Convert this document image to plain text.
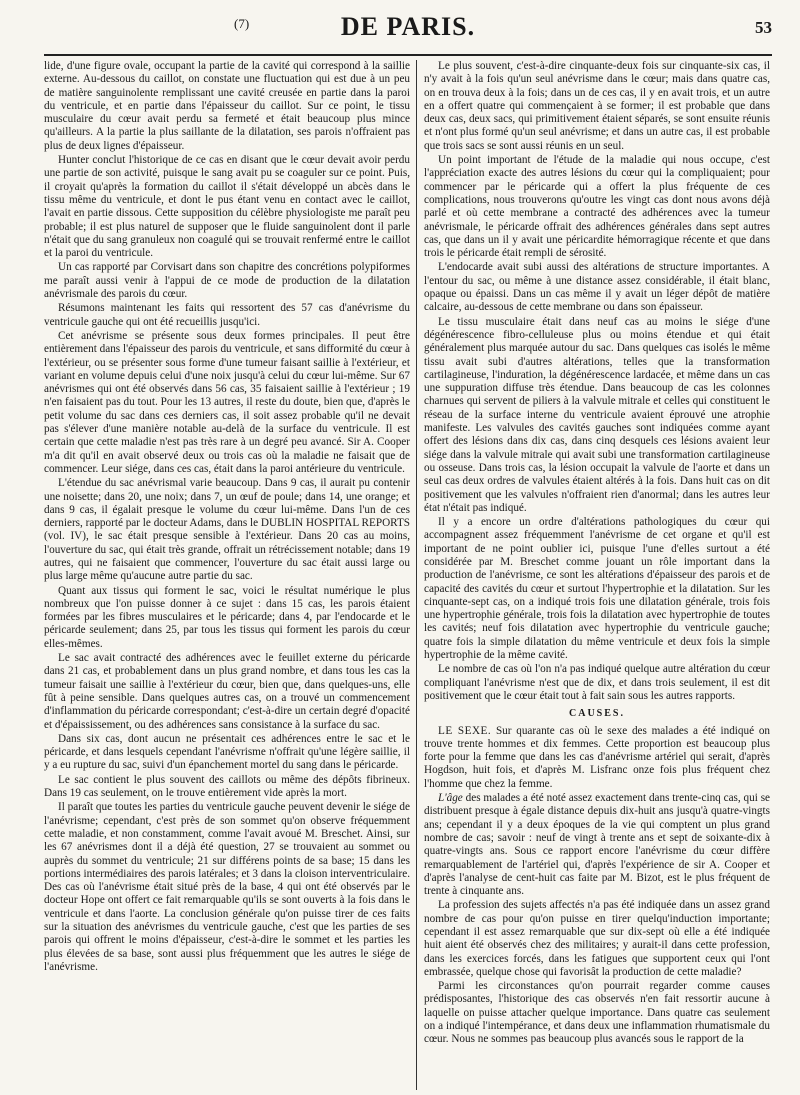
(7)	DE PARIS.	53

lide, d'une figure ovale, occupant la partie de la cavité qui correspond à la saillie externe. Au-dessous du caillot, on constate une fluctuation qui est due à un peu de matière sanguinolente remplissant une cavité creusée en partie dans la paroi du ventricule, et en partie dans l'épaisseur du caillot. Sur ce point, le tissu musculaire du cœur avait perdu sa fermeté et était beaucoup plus mince qu'ailleurs. A la partie la plus saillante de la dilatation, ses parois n'offraient pas plus de deux lignes d'épaisseur.

Hunter conclut l'historique de ce cas en disant que le cœur devait avoir perdu une partie de son activité, puisque le sang avait pu se coaguler sur ce point. Puis, il croyait qu'après la formation du caillot il s'était développé un abcès dans le tissu même du ventricule, et dont le pus étant venu en contact avec le caillot, l'avait en partie dissous. Cette supposition du célèbre physiologiste me paraît peu probable; il est plus naturel de supposer que le fluide sanguinolent dont il parle n'était que du sang granuleux non coagulé qui se trouvait renfermé entre le caillot et la paroi du ventricule.

Un cas rapporté par Corvisart dans son chapitre des concrétions polypiformes me paraît aussi venir à l'appui de ce mode de production de la dilatation anévrismale des parois du cœur.

Résumons maintenant les faits qui ressortent des 57 cas d'anévrisme du ventricule gauche qui ont été recueillis jusqu'ici.

Cet anévrisme se présente sous deux formes principales. Il peut être entièrement dans l'épaisseur des parois du ventricule, et sans difformité du cœur à l'extérieur, ou se présenter sous forme d'une tumeur faisant saillie à l'extérieur, et variant en volume depuis celui d'une noix jusqu'à celui du cœur lui-même. Sur 67 anévrismes qui ont été observés dans 56 cas, 35 faisaient saillie à l'extérieur ; 19 n'en faisaient pas du tout. Pour les 13 autres, il reste du doute, bien que, d'après le petit volume du sac dans ces derniers cas, il soit assez probable qu'il ne devait pas s'élever d'une manière notable au-delà de la surface du ventricule. Il est certain que cette maladie n'est pas très rare à un degré peu avancé. Sir A. Cooper m'a dit qu'il en avait observé deux ou trois cas où la maladie ne faisait que de commencer. Leur siége, dans ces cas, était dans la paroi antérieure du ventricule.

L'étendue du sac anévrismal varie beaucoup. Dans 9 cas, il aurait pu contenir une noisette; dans 20, une noix; dans 7, un œuf de poule; dans 14, une orange; et dans 9 cas, il égalait presque le volume du cœur lui-même. Dans l'un de ces derniers, rapporté par le docteur Adams, dans le DUBLIN HOSPITAL REPORTS (vol. IV), le sac était presque sensible à l'extérieur. Dans 20 cas au moins, l'ouverture du sac, qui était très grande, offrait un rétrécissement notable; dans 19 autres, qui ne faisaient que commencer, l'ouverture du sac était aussi large ou plus large même qu'aucune autre partie du sac.

Quant aux tissus qui forment le sac, voici le résultat numérique le plus nombreux que l'on puisse donner à ce sujet : dans 15 cas, les parois étaient formées par les fibres musculaires et le péricarde; dans 4, par l'endocarde et le péricarde seulement; dans 25, par tous les tissus qui forment les parois du cœur elles-mêmes.

Le sac avait contracté des adhérences avec le feuillet externe du péricarde dans 21 cas, et probablement dans un plus grand nombre, et dans tous les cas la tumeur faisait une saillie à l'extérieur du cœur, bien que, dans quelques-uns, elle fût à peine sensible. Dans quelques autres cas, on a trouvé un commencement d'inflammation du péricarde correspondant; c'est-à-dire un certain degré d'opacité et d'épaississement, ou des adhérences sans consistance à la surface du sac.

Dans six cas, dont aucun ne présentait ces adhérences entre le sac et le péricarde, et dans lesquels cependant l'anévrisme n'offrait qu'une légère saillie, il y a eu rupture du sac, suivi d'un épanchement mortel du sang dans le péricarde.

Le sac contient le plus souvent des caillots ou même des dépôts fibrineux. Dans 19 cas seulement, on le trouve entièrement vide après la mort.

Il paraît que toutes les parties du ventricule gauche peuvent devenir le siége de l'anévrisme; cependant, c'est près de son sommet qu'on observe fréquemment cette maladie, et non constamment, comme l'avait avoué M. Breschet. Ainsi, sur les 67 anévrismes dont il a déjà été question, 27 se trouvaient au sommet ou auprès du sommet du ventricule; 21 sur différens points de sa base; 15 dans les portions intermédiaires des parois latérales; et 3 dans la cloison interventriculaire. Des cas où l'anévrisme était situé près de la base, 4 qui ont été observés par le docteur Hope ont offert ce fait remarquable qu'ils se sont ouverts à la fois dans le ventricule et dans l'aorte. La conclusion générale qu'on puisse tirer de ces faits sur la situation des anévrismes du ventricule gauche, c'est que les parties de ses parois qui offrent le moins d'épaisseur, c'est-à-dire le sommet et les parties les plus élevées de sa base, sont aussi plus fréquemment que les autres le siége de l'anévrisme.

Le plus souvent, c'est-à-dire cinquante-deux fois sur cinquante-six cas, il n'y avait à la fois qu'un seul anévrisme dans le cœur; mais dans quatre cas, on en trouva deux à la fois; dans un de ces cas, il y en avait trois, et un autre en a offert quatre qui commençaient à se former; il est probable que dans deux cas, deux sacs, qui primitivement étaient séparés, se sont ensuite réunis et n'ont plus formé qu'un seul anévrisme; et dans un autre cas, il est probable que trois sacs se sont aussi réunis en un seul.

Un point important de l'étude de la maladie qui nous occupe, c'est l'appréciation exacte des autres lésions du cœur qui la compliquaient; pour commencer par le péricarde qui a offert la plus fréquente de ces complications, nous trouverons qu'outre les vingt cas dont nous avons déjà parlé et où cette membrane a contracté des adhérences avec la tumeur anévrismale, le péricarde offrait des adhérences générales dans sept autres cas, que dans un il y avait une péricardite hémorragique récente et que dans trois le péricarde était rempli de sérosité.

L'endocarde avait subi aussi des altérations de structure importantes. A l'entour du sac, ou même à une distance assez considérable, il était blanc, opaque ou épaissi. Dans un cas même il y avait un léger dépôt de matière calcaire, au-dessous de cette membrane ou dans son épaisseur.

Le tissu musculaire était dans neuf cas au moins le siége d'une dégénérescence fibro-celluleuse plus ou moins étendue et qui était généralement plus marquée autour du sac. Dans quelques cas isolés le même tissu avait subi d'autres altérations, telles que la transformation cartilagineuse, l'induration, la dégénérescence lardacée, et même dans un cas une suppuration diffuse très étendue. Dans beaucoup de cas les colonnes charnues qui servent de piliers à la valvule mitrale et celles qui constituent le réseau de la surface interne du ventricule avaient éprouvé une atrophie manifeste. Les valvules des cavités gauches sont indiquées comme ayant offert des lésions dans dix cas, dans cinq desquels ces lésions avaient leur siége dans la valvule mitrale qui avait subi une transformation cartilagineuse ou osseuse. Dans trois cas, la lésion occupait la valvule de l'aorte et dans un seul cas deux ordres de valvules étaient altérés à la fois. Dans huit cas on dit positivement que les valvules n'offraient rien d'anormal; dans les autres leur état n'était pas indiqué.

Il y a encore un ordre d'altérations pathologiques du cœur qui accompagnent assez fréquemment l'anévrisme de cet organe et qu'il est important de ne point oublier ici, puisque l'une d'elles surtout a été considérée par M. Breschet comme jouant un rôle important dans la production de l'anévrisme, ce sont les altérations d'épaisseur des parois et de capacité des cavités du cœur et surtout l'hypertrophie et la dilatation. Sur les cinquante-sept cas, on a indiqué trois fois une dilatation générale, trois fois une hypertrophie générale, trois fois la dilatation avec hypertrophie de toutes les cavités; neuf fois dilatation avec hypertrophie du ventricule gauche; quatre fois la simple dilatation du même ventricule et deux fois la simple hypertrophie de la même cavité.

Le nombre de cas où l'on n'a pas indiqué quelque autre altération du cœur compliquant l'anévrisme n'est que de dix, et dans trois seulement, il est dit positivement que le cœur était tout à fait sain sous les autres rapports.

CAUSES.

LE SEXE. Sur quarante cas où le sexe des malades a été indiqué on trouve trente hommes et dix femmes. Cette proportion est beaucoup plus forte pour la femme que dans les cas d'anévrisme artériel qui serait, d'après Hogdson, huit fois, et d'après M. Lisfranc onze fois plus fréquent chez l'homme que chez la femme.

L'âge des malades a été noté assez exactement dans trente-cinq cas, qui se distribuent presque à égale distance depuis dix-huit ans jusqu'à quatre-vingts ans; cependant il y a deux époques de la vie qui comptent un plus grand nombre de cas; savoir : neuf de vingt à trente ans et sept de soixante-dix à quatre-vingts ans. Sous ce rapport encore l'anévrisme du cœur diffère remarquablement de l'artériel qui, d'après l'expérience de sir A. Cooper et d'après l'analyse de cent-huit cas faite par M. Bizot, est le plus fréquent de trente à cinquante ans.

La profession des sujets affectés n'a pas été indiquée dans un assez grand nombre de cas pour qu'on puisse en tirer quelqu'induction importante; cependant il est assez remarquable que sur dix-sept où elle a été indiquée huit aient été observés chez des militaires; y aurait-il dans cette profession, dans les exercices forcés, dans les fatigues que supportent ceux qui l'ont embrassée, quelque chose qui favorisât la production de cette maladie?

Parmi les circonstances qu'on pourrait regarder comme causes prédisposantes, l'historique des cas observés n'en fait ressortir aucune à laquelle on puisse attacher quelque importance. Dans quatre cas seulement on a indiqué l'intempérance, et dans deux une inflammation rhumatismale du cœur. Nous ne sommes pas beaucoup plus avancés sous le rapport de la
